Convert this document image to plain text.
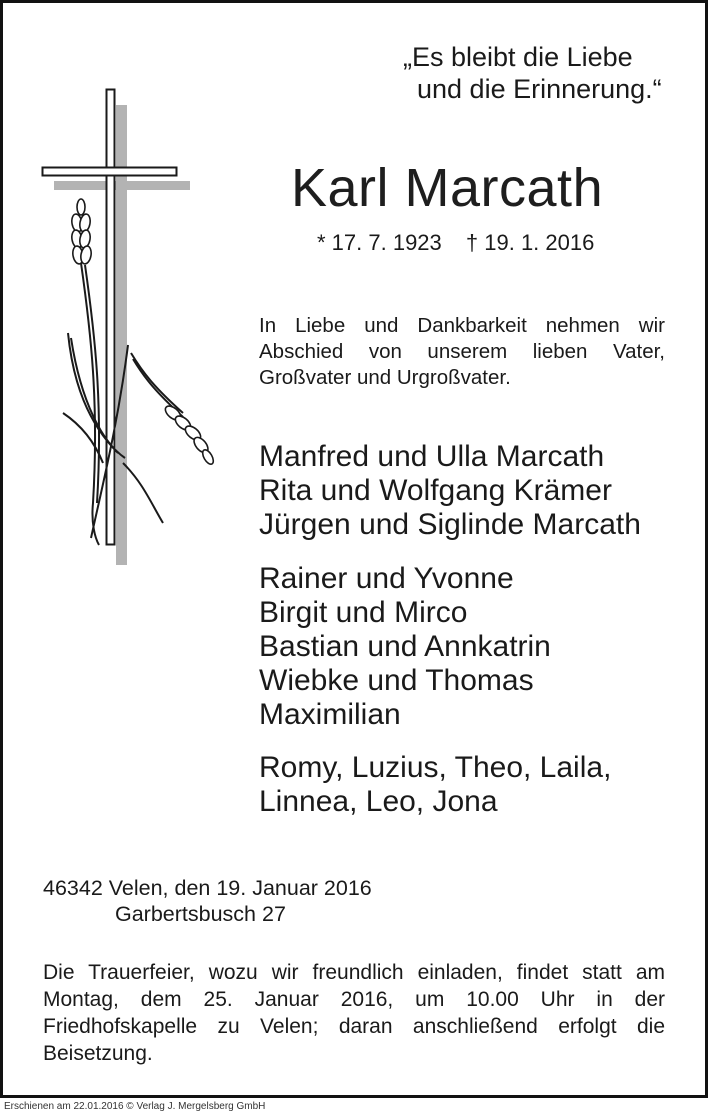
„Es bleibt die Liebe
und die Erinnerung.“
Karl Marcath
* 17. 7. 1923 † 19. 1. 2016
In Liebe und Dankbarkeit nehmen wir Abschied von unserem lieben Vater, Großvater und Urgroßvater.
Manfred und Ulla Marcath
Rita und Wolfgang Krämer
Jürgen und Siglinde Marcath
Rainer und Yvonne
Birgit und Mirco
Bastian und Annkatrin
Wiebke und Thomas
Maximilian
Romy, Luzius, Theo, Laila,
Linnea, Leo, Jona
46342 Velen, den 19. Januar 2016
Garbertsbusch 27
Die Trauerfeier, wozu wir freundlich einladen, findet statt am Montag, dem 25. Januar 2016, um 10.00 Uhr in der Friedhofskapelle zu Velen; daran anschließend erfolgt die Beisetzung.
Erschienen am 22.01.2016 © Verlag J. Mergelsberg GmbH
